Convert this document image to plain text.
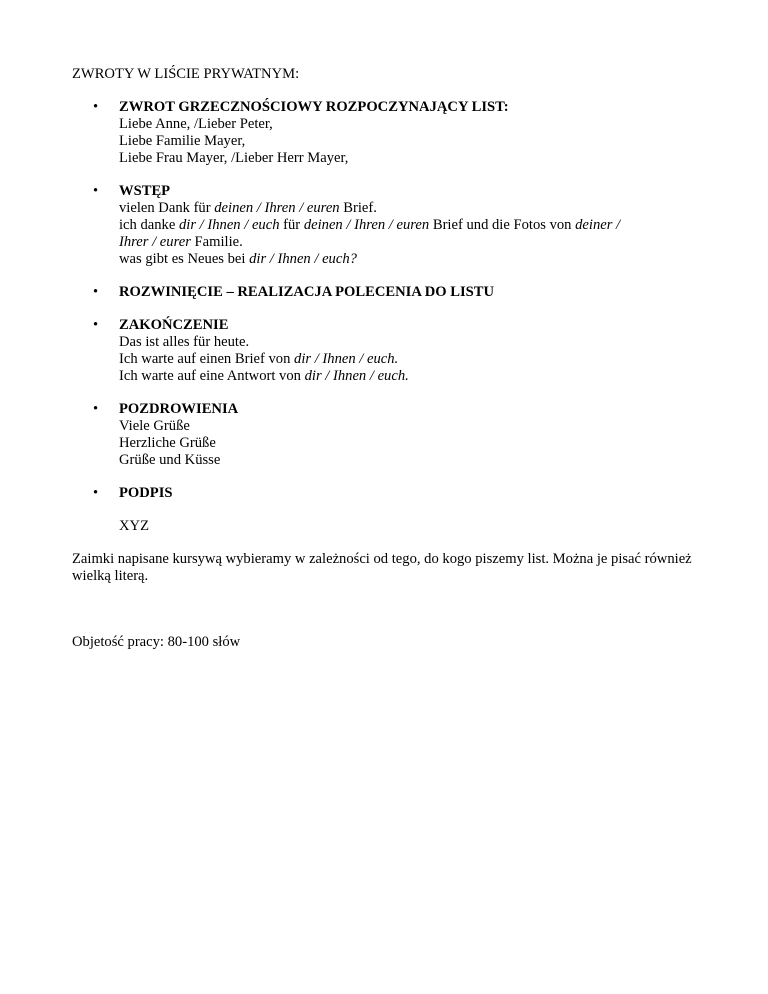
ZWROTY W LIŚCIE PRYWATNYM:
• ZWROT GRZECZNOŚCIOWY ROZPOCZYNAJĄCY LIST:
Liebe Anne, /Lieber Peter,
Liebe Familie Mayer,
Liebe Frau Mayer, /Lieber Herr Mayer,
• WSTĘP
vielen Dank für deinen / Ihren / euren Brief.
ich danke dir / Ihnen / euch für deinen / Ihren / euren Brief und die Fotos von deiner /
Ihrer / eurer Familie.
was gibt es Neues bei dir / Ihnen / euch?
• ROZWINIĘCIE – REALIZACJA POLECENIA DO LISTU
• ZAKOŃCZENIE
Das ist alles für heute.
Ich warte auf einen Brief von dir / Ihnen / euch.
Ich warte auf eine Antwort von dir / Ihnen / euch.
• POZDROWIENIA
Viele Grüße
Herzliche Grüße
Grüße und Küsse
• PODPIS
XYZ

Zaimki napisane kursywą wybieramy w zależności od tego, do kogo piszemy list. Można je pisać również wielką literą.

Objetość pracy: 80-100 słów
